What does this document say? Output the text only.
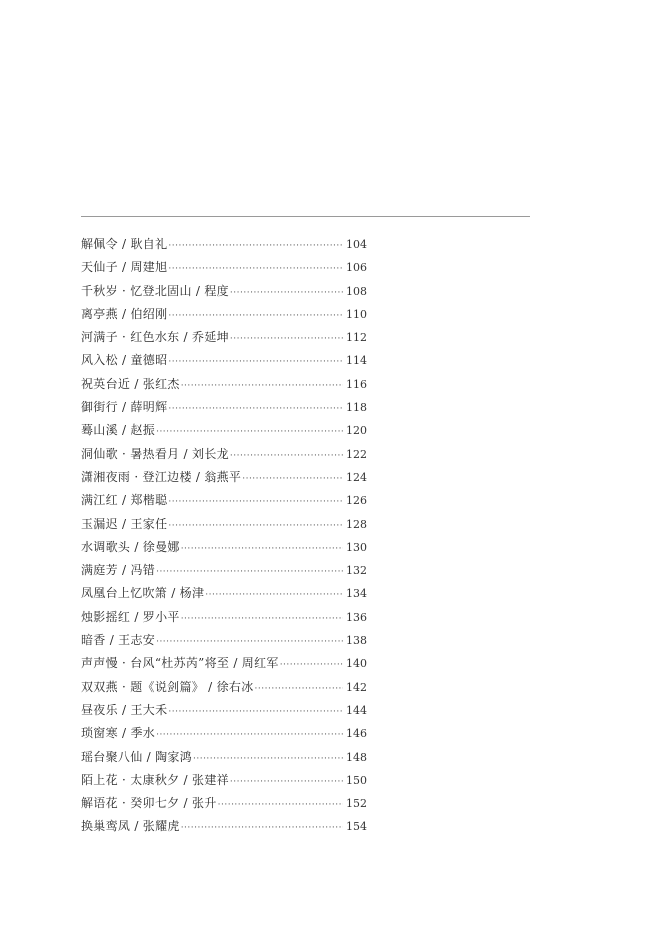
解佩令 / 耿自礼 ·····	104
天仙子 / 周建旭 ·····	106
千秋岁 · 忆登北固山 / 程度 ·····	108
离亭燕 / 伯绍刚 ·····	110
河满子 · 红色水东 / 乔延坤 ·····	112
风入松 / 童德昭 ·····	114
祝英台近 / 张红杰 ·····	116
御街行 / 薛明辉 ·····	118
蓦山溪 / 赵振 ·····	120
洞仙歌 · 暑热看月 / 刘长龙 ·····	122
潇湘夜雨 · 登江边楼 / 翁燕平 ·····	124
满江红 / 郑楷聪 ·····	126
玉漏迟 / 王家任 ·····	128
水调歌头 / 徐曼娜 ·····	130
满庭芳 / 冯错 ·····	132
凤凰台上忆吹箫 / 杨津 ·····	134
烛影摇红 / 罗小平 ·····	136
暗香 / 王志安 ·····	138
声声慢 · 台风“杜苏芮”将至 / 周红军 ·····	140
双双燕 · 题《说剑篇》 / 徐右冰 ·····	142
昼夜乐 / 王大禾 ·····	144
琐窗寒 / 季水 ·····	146
瑶台聚八仙 / 陶家鸿 ·····	148
陌上花 · 太康秋夕 / 张建祥 ·····	150
解语花 · 癸卯七夕 / 张升 ·····	152
换巢鸾凤 / 张耀虎 ·····	154
